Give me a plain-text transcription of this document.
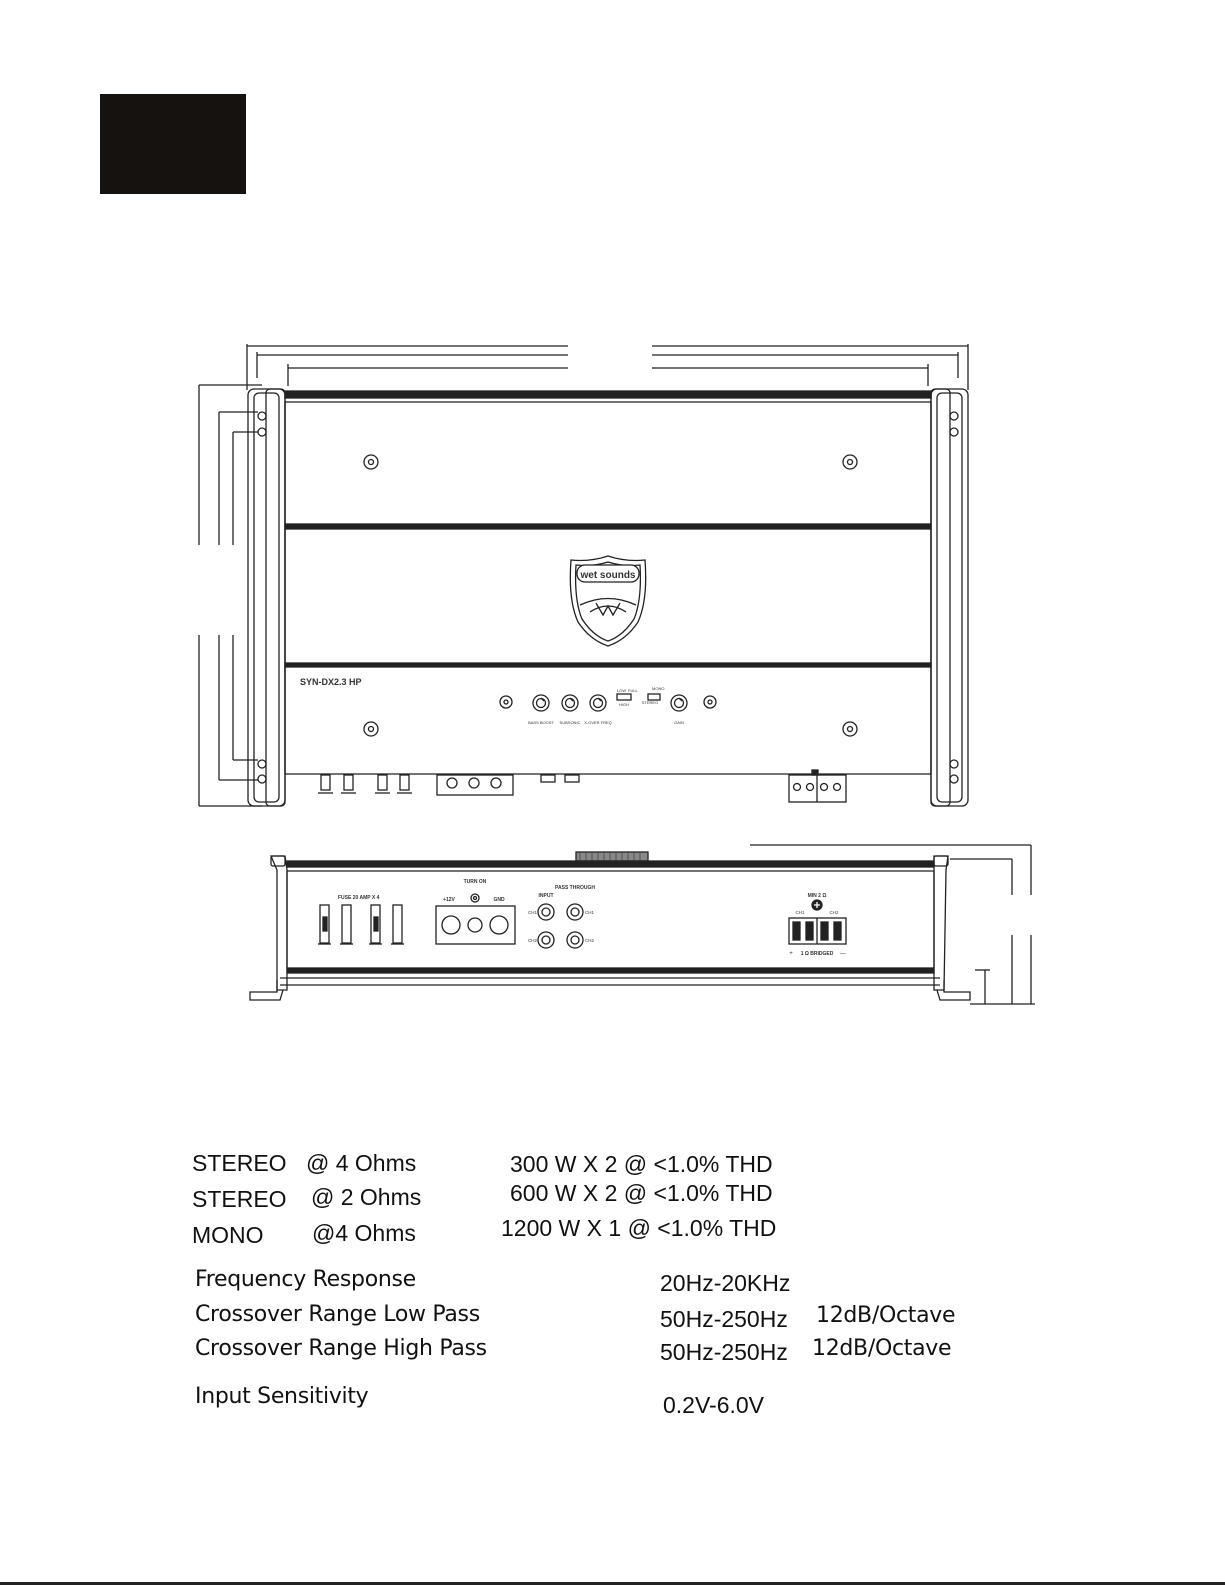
wet sounds
SYN-DX2.3 HP
BASS BOOST SUBSONIC X-OVER FREQ	GAIN
HIGH	STEREO
LOW FULL	MONO
FUSE 20 AMP X 4
TURN ON
+12V	GND
INPUT
PASS THROUGH
CH1
CH2
CH1
CH2
MIN 2 Ω
CH1	CH2
1 Ω BRIDGED
+	—
STEREO @ 4 Ohms	300 W X 2 @ <1.0% THD
STEREO @ 2 Ohms	600 W X 2 @ <1.0% THD
MONO @4 Ohms	1200 W X 1 @ <1.0% THD
Frequency Response	20Hz-20KHz
Crossover Range Low Pass	50Hz-250Hz 12dB/Octave
Crossover Range High Pass	50Hz-250Hz 12dB/Octave
Input Sensitivity	0.2V-6.0V
